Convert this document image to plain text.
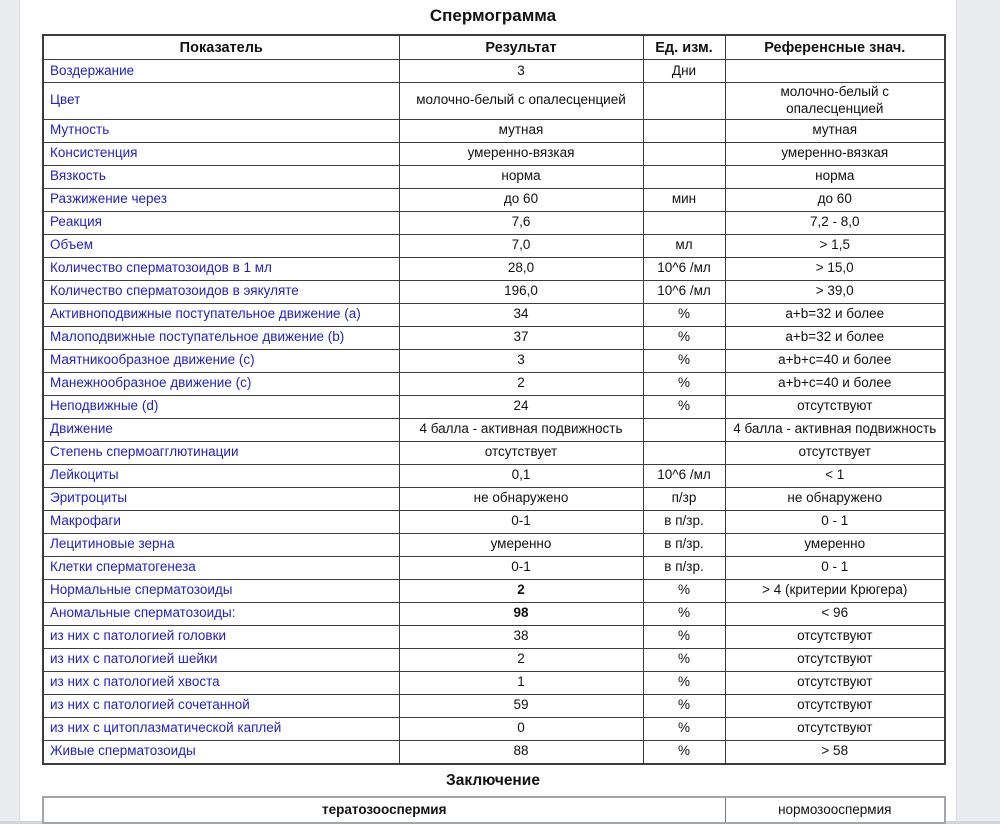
Спермограмма
Показатель	Результат	Ед. изм.	Референсные знач.
Воздержание	3	Дни	
Цвет	молочно-белый с опалесценцией		молочно-белый с опалесценцией
Мутность	мутная		мутная
Консистенция	умеренно-вязкая		умеренно-вязкая
Вязкость	норма		норма
Разжижение через	до 60	мин	до 60
Реакция	7,6		7,2 - 8,0
Объем	7,0	мл	> 1,5
Количество сперматозоидов в 1 мл	28,0	10^6 /мл	> 15,0
Количество сперматозоидов в эякуляте	196,0	10^6 /мл	> 39,0
Активноподвижные поступательное движение (a)	34	%	a+b=32 и более
Малоподвижные поступательное движение (b)	37	%	a+b=32 и более
Маятникообразное движение (c)	3	%	a+b+c=40 и более
Манежнообразное движение (c)	2	%	a+b+c=40 и более
Неподвижные (d)	24	%	отсутствуют
Движение	4 балла - активная подвижность		4 балла - активная подвижность
Степень спермоагглютинации	отсутствует		отсутствует
Лейкоциты	0,1	10^6 /мл	< 1
Эритроциты	не обнаружено	п/зр	не обнаружено
Макрофаги	0-1	в п/зр.	0 - 1
Лецитиновые зерна	умеренно	в п/зр.	умеренно
Клетки сперматогенеза	0-1	в п/зр.	0 - 1
Нормальные сперматозоиды	2	%	> 4 (критерии Крюгера)
Аномальные сперматозоиды:	98	%	< 96
из них с патологией головки	38	%	отсутствуют
из них с патологией шейки	2	%	отсутствуют
из них с патологией хвоста	1	%	отсутствуют
из них с патологией сочетанной	59	%	отсутствуют
из них с цитоплазматической каплей	0	%	отсутствуют
Живые сперматозоиды	88	%	> 58
Заключение
тератозооспермия	нормозооспермия
